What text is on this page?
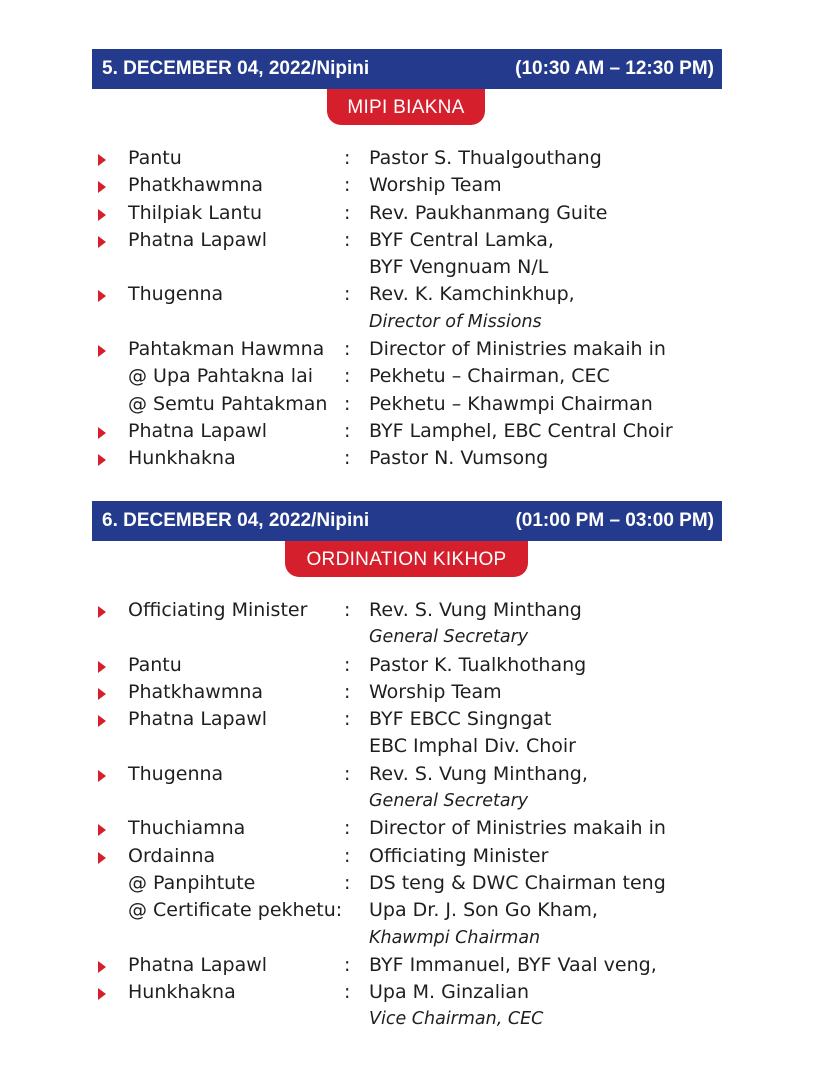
5. DECEMBER 04, 2022/Nipini	(10:30 AM – 12:30 PM)
MIPI BIAKNA
Pantu	: Pastor S. Thualgouthang
Phatkhawmna	: Worship Team
Thilpiak Lantu	: Rev. Paukhanmang Guite
Phatna Lapawl	: BYF Central Lamka,
BYF Vengnuam N/L
Thugenna	: Rev. K. Kamchinkhup,
Director of Missions
Pahtakman Hawmna : Director of Ministries makaih in
@ Upa Pahtakna lai : Pekhetu – Chairman, CEC
@ Semtu Pahtakman : Pekhetu – Khawmpi Chairman
Phatna Lapawl	: BYF Lamphel, EBC Central Choir
Hunkhakna	: Pastor N. Vumsong
6. DECEMBER 04, 2022/Nipini	(01:00 PM – 03:00 PM)
ORDINATION KIKHOP
Officiating Minister : Rev. S. Vung Minthang
General Secretary
Pantu	: Pastor K. Tualkhothang
Phatkhawmna	: Worship Team
Phatna Lapawl	: BYF EBCC Singngat
EBC Imphal Div. Choir
Thugenna	: Rev. S. Vung Minthang,
General Secretary
Thuchiamna	: Director of Ministries makaih in
Ordainna	: Officiating Minister
@ Panpihtute	: DS teng & DWC Chairman teng
@ Certificate pekhetu: Upa Dr. J. Son Go Kham,
Khawmpi Chairman
Phatna Lapawl	: BYF Immanuel, BYF Vaal veng,
Hunkhakna	: Upa M. Ginzalian
Vice Chairman, CEC
